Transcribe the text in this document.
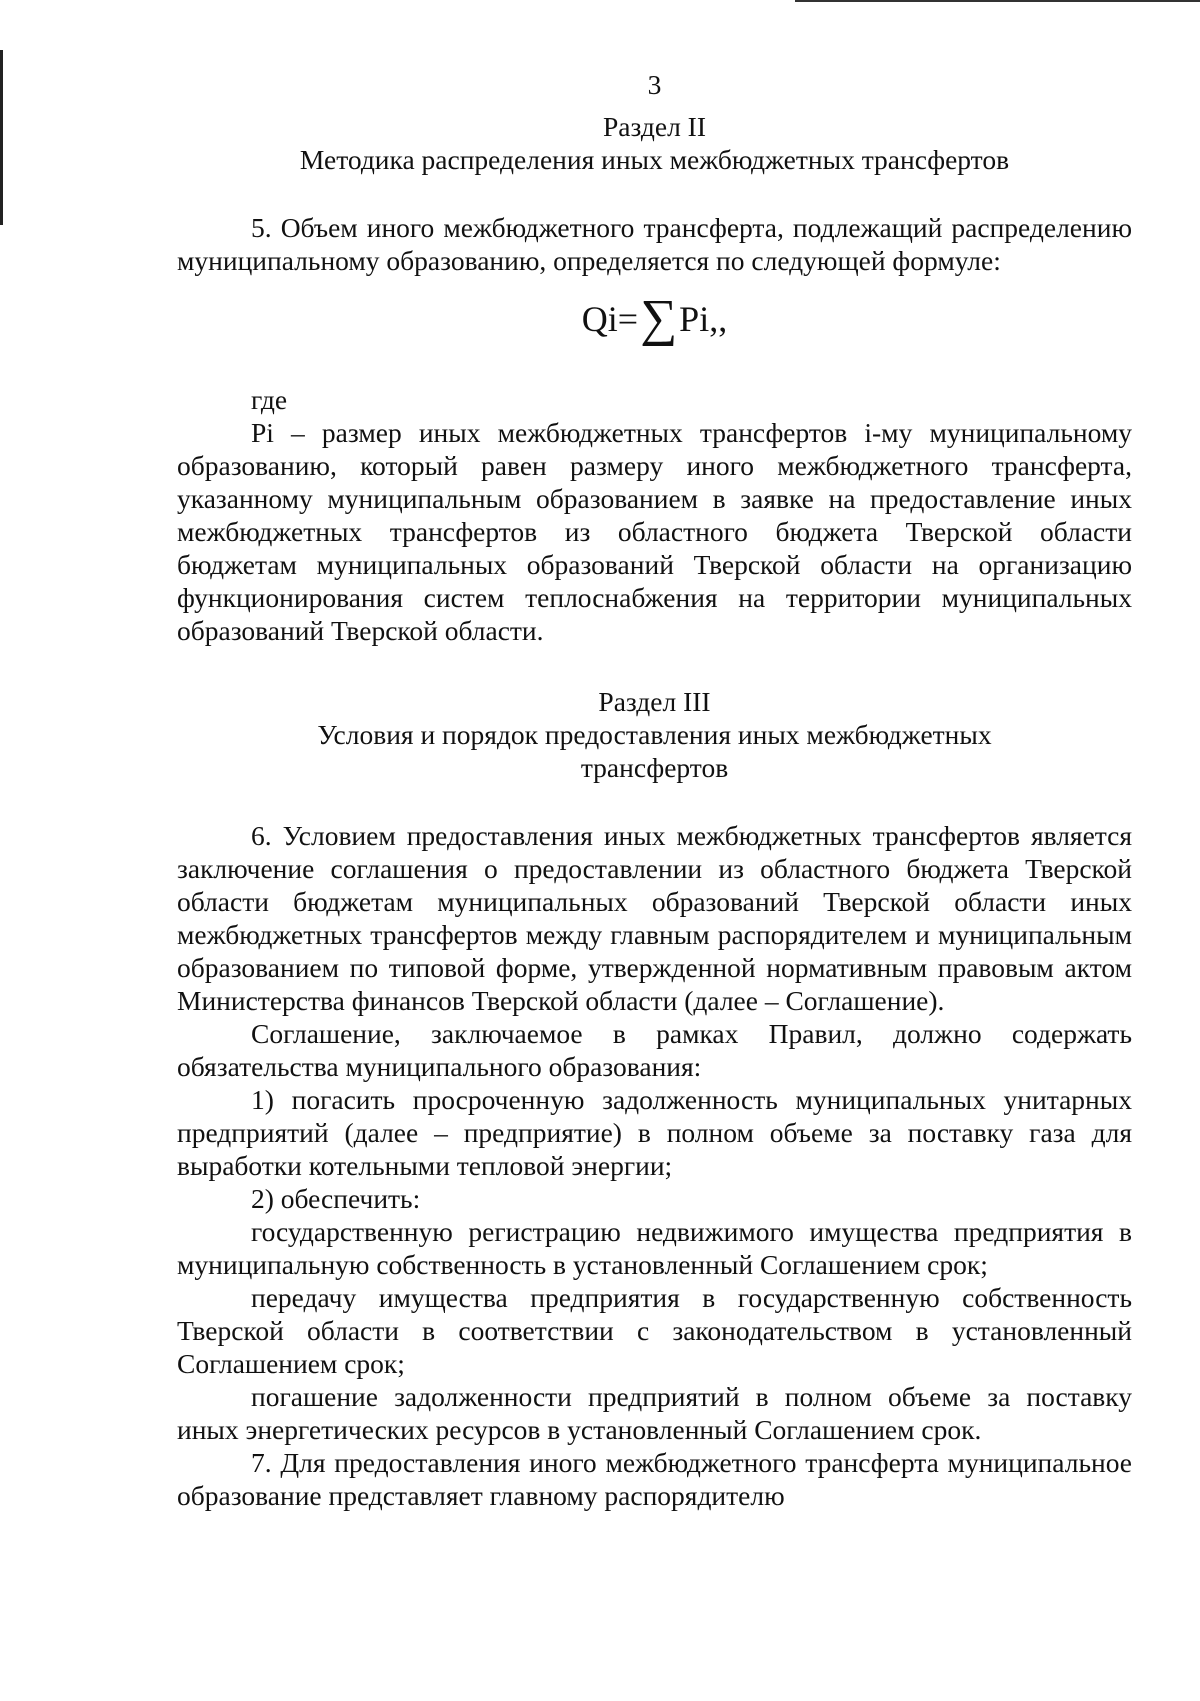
3
Раздел II
Методика распределения иных межбюджетных трансфертов

5. Объем иного межбюджетного трансферта, подлежащий распределению муниципальному образованию, определяется по следующей формуле:

Qi=∑Pi,,

где

Pi – размер иных межбюджетных трансфертов i-му муниципальному образованию, который равен размеру иного межбюджетного трансферта, указанному муниципальным образованием в заявке на предоставление иных межбюджетных трансфертов из областного бюджета Тверской области бюджетам муниципальных образований Тверской области на организацию функционирования систем теплоснабжения на территории муниципальных образований Тверской области.

Раздел III
Условия и порядок предоставления иных межбюджетных
трансфертов

6. Условием предоставления иных межбюджетных трансфертов является заключение соглашения о предоставлении из областного бюджета Тверской области бюджетам муниципальных образований Тверской области иных межбюджетных трансфертов между главным распорядителем и муниципальным образованием по типовой форме, утвержденной нормативным правовым актом Министерства финансов Тверской области (далее – Соглашение).

Соглашение, заключаемое в рамках Правил, должно содержать обязательства муниципального образования:

1) погасить просроченную задолженность муниципальных унитарных предприятий (далее – предприятие) в полном объеме за поставку газа для выработки котельными тепловой энергии;

2) обеспечить:

государственную регистрацию недвижимого имущества предприятия в муниципальную собственность в установленный Соглашением срок;

передачу имущества предприятия в государственную собственность Тверской области в соответствии с законодательством в установленный Соглашением срок;

погашение задолженности предприятий в полном объеме за поставку иных энергетических ресурсов в установленный Соглашением срок.

7. Для предоставления иного межбюджетного трансферта муниципальное образование представляет главному распорядителю
